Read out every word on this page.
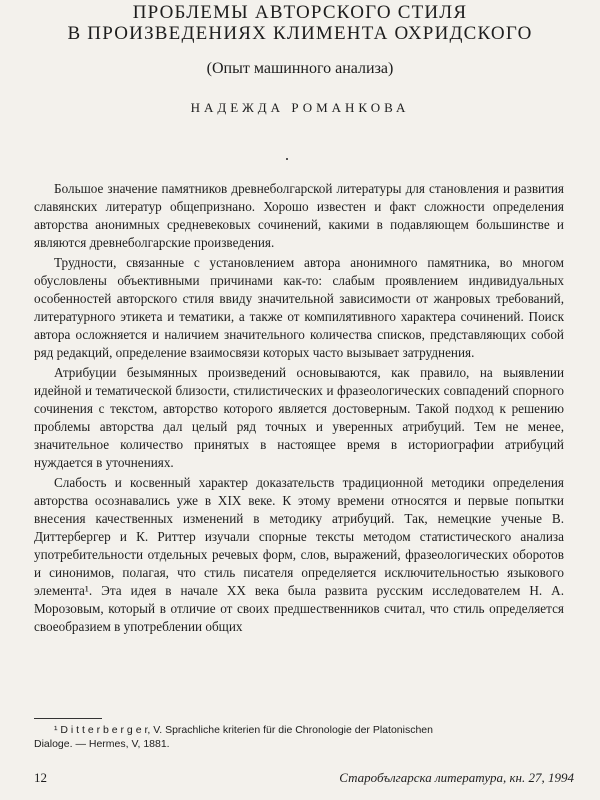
ПРОБЛЕМЫ АВТОРСКОГО СТИЛЯ
В ПРОИЗВЕДЕНИЯХ КЛИМЕНТА ОХРИДСКОГО
(Опыт машинного анализа)
НАДЕЖДА РОМАНКОВА

Большое значение памятников древнеболгарской литературы для становления и развития славянских литератур общепризнано. Хорошо известен и факт сложности определения авторства анонимных средневековых сочинений, какими в подавляющем большинстве и являются древнеболгарские произведения.

Трудности, связанные с установлением автора анонимного памятника, во многом обусловлены объективными причинами как-то: слабым проявлением индивидуальных особенностей авторского стиля ввиду значительной зависимости от жанровых требований, литературного этикета и тематики, а также от компилятивного характера сочинений. Поиск автора осложняется и наличием значительного количества списков, представляющих собой ряд редакций, определение взаимосвязи которых часто вызывает затруднения.

Атрибуции безымянных произведений основываются, как правило, на выявлении идейной и тематической близости, стилистических и фразеологических совпадений спорного сочинения с текстом, авторство которого является достоверным. Такой подход к решению проблемы авторства дал целый ряд точных и уверенных атрибуций. Тем не менее, значительное количество принятых в настоящее время в историографии атрибуций нуждается в уточнениях.

Слабость и косвенный характер доказательств традиционной методики определения авторства осознавались уже в XIX веке. К этому времени относятся и первые попытки внесения качественных изменений в методику атрибуций. Так, немецкие ученые В. Диттербергер и К. Риттер изучали спорные тексты методом статистического анализа употребительности отдельных речевых форм, слов, выражений, фразеологических оборотов и синонимов, полагая, что стиль писателя определяется исключительностью языкового элемента¹. Эта идея в начале XX века была развита русским исследователем Н. А. Морозовым, который в отличие от своих предшественников считал, что стиль определяется своеобразием в употреблении общих

¹ D i t t e r b e r g e r, V. Sprachliche kriterien für die Chronologie der Platonischen
Dialoge. — Hermes, V, 1881.
12	Старобългарска литература, кн. 27, 1994
